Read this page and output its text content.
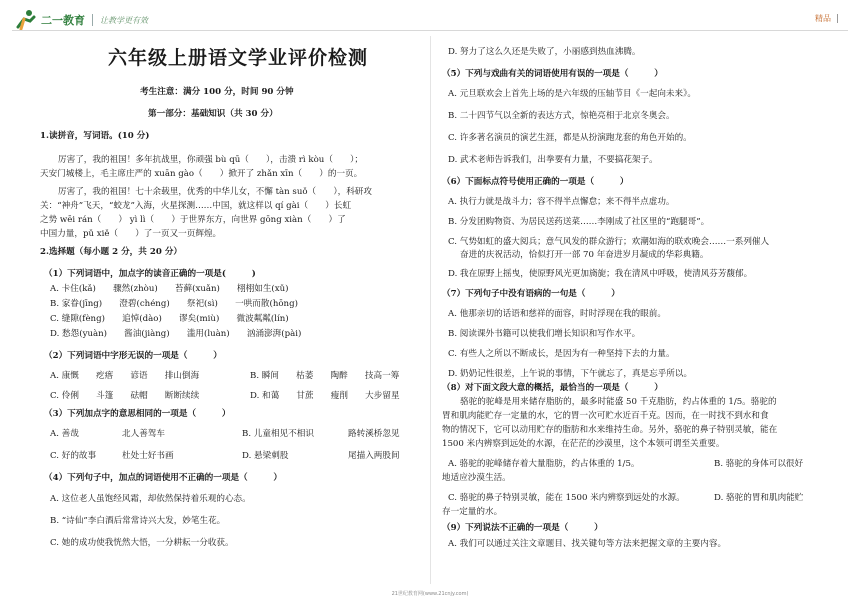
二一教育 让教学更有效	精品
六年级上册语文学业评价检测
考生注意：满分 100 分，时间 90 分钟
第一部分：基础知识（共 30 分）
1.读拼音，写词语。(10 分)
厉害了，我的祖国！多年抗战里，你顽强 bù qū（　　），击溃 rì kòu（　　）；
天安门城楼上，毛主席庄严的 xuān gào（　　）掀开了 zhǎn xīn（　　）的一页。
厉害了，我的祖国！七十余载里，优秀的中华儿女，不懈 tàn suǒ（　　），科研攻
关：“神舟”飞天，“蛟龙”入海，火星探测……中国，就这样以 qí gài（　　）长虹
之势 wēi rán（　　） yì lì（　　）于世界东方，向世界 gōng xiàn（　　）了
中国力量，pǔ xiě（　　）了一页又一页辉煌。
2.选择题（每小题 2 分，共 20 分）
（1）下列词语中，加点字的读音正确的一项是(　　　)
A. 卡住(kǎ)　　骤然(zhòu)　　苔藓(xuǎn)　　栩栩如生(xǔ)
B. 家眷(jīng)　　澄碧(chéng)　　祭祀(sì)　　一哄而散(hōng)
C. 缝隙(fèng)　　追悼(dào)　　谬矣(miù)　　微波粼粼(lín)
D. 愁怨(yuàn)　　酱油(jiàng)　　滥用(luàn)　　汹涌澎湃(pài)
（2）下列词语中字形无误的一项是（　　　）
A. 康慨　　疙瘩　　谚语　　排山倒海	B. 瞬间　　枯萎　　陶醉　　技高一筹
C. 伶俐　　斗篷　　砝帽　　断断续续	D. 和蔼　　甘蔗　　瘦削　　大步留星
（3）下列加点字的意思相同的一项是（　　　）
A. 善哉	北人善驾车	B. 儿童相见不相识	路转溪桥忽见
C. 好的故事	杜处士好书画	D. 悬梁刺股	尾描入两股间
（4）下列句子中，加点的词语使用不正确的一项是（　　　）
A. 这位老人虽饱经风霜，却依然保持着乐观的心态。
B. “诗仙”李白酒后常常诗兴大发，妙笔生花。
C. 她的成功使我恍然大悟，一分耕耘一分收获。
D. 努力了这么久还是失败了，小丽感到热血沸腾。
（5）下列与戏曲有关的词语使用有误的一项是（　　　）
A. 元旦联欢会上首先上场的是六年级的压轴节目《一起向未来》。
B. 二十四节气以全新的表达方式，惊艳亮相于北京冬奥会。
C. 许多著名演员的演艺生涯，都是从扮演跑龙套的角色开始的。
D. 武术老师告诉我们，出拳要有力量，不要搞花架子。
（6）下面标点符号使用正确的一项是（　　　）
A. 执行力就是战斗力；容不得半点懈怠；来不得半点虚功。
B. 分发团购物资、为居民送药送菜……李刚成了社区里的“跑腿哥”。
C. 气势如虹的盛大阅兵；意气风发的群众游行；欢潮如海的联欢晚会……一系列催人
奋进的庆祝活动，恰似打开一部 70 年奋进岁月凝成的华彩典籍。
D. 我在原野上摇曳，使原野风光更加旖旎；我在清风中呼吸，使清风芬芳馥郁。
（7）下列句子中没有语病的一句是（　　　）
A. 他那亲切的话语和慈祥的面容，时时浮现在我的眼前。
B. 阅读课外书籍可以使我们增长知识和写作水平。
C. 有些人之所以不断成长，是因为有一种坚持下去的力量。
D. 奶奶记性很差，上午说的事情，下午就忘了，真是忘乎所以。
（8）对下面文段大意的概括，最恰当的一项是（　　　）
骆驼的驼峰是用来储存脂肪的，最多时能盛 50 千克脂肪，约占体重的 1/5。骆驼的
胃和肌肉能贮存一定量的水，它的胃一次可贮水近百千克。因而，在一时找不到水和食
物的情况下，它可以动用贮存的脂肪和水来维持生命。另外，骆驼的鼻子特别灵敏，能在
1500 米内辨察到远处的水源，在茫茫的沙漠里，这个本领可谓至关重要。
A. 骆驼的驼峰储存着大量脂肪，约占体重的 1/5。	B. 骆驼的身体可以很好
地适应沙漠生活。
C. 骆驼的鼻子特别灵敏，能在 1500 米内辨察到远处的水源。	D. 骆驼的胃和肌肉能贮
存一定量的水。
（9）下列说法不正确的一项是（　　　）
A. 我们可以通过关注文章题目、找关键句等方法来把握文章的主要内容。
21世纪教育网(www.21cnjy.com)
